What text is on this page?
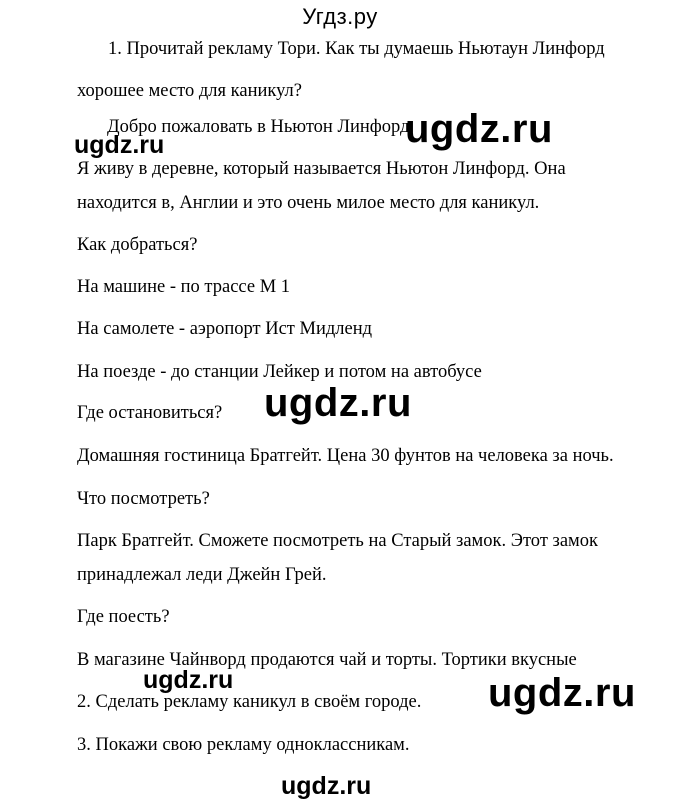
Угдз.ру
1. Прочитай рекламу Тори. Как ты думаешь Ньютаун Линфорд
хорошее место для каникул?
Добро пожаловать в Ньютон Линфорд
Я живу в деревне, который называется Ньютон Линфорд. Она
находится в, Англии и это очень милое место для каникул.
Как добраться?
На машине - по трассе М 1
На самолете - аэропорт Ист Мидленд
На поезде - до станции Лейкер и потом на автобусе
Где остановиться?
Домашняя гостиница Братгейт. Цена 30 фунтов на человека за ночь.
Что посмотреть?
Парк Братгейт. Сможете посмотреть на Старый замок. Этот замок
принадлежал леди Джейн Грей.
Где поесть?
В магазине Чайнворд продаются чай и торты. Тортики вкусные
2. Сделать рекламу каникул в своём городе.
3. Покажи свою рекламу одноклассникам.
ugdz.ru
ugdz.ru
ugdz.ru
ugdz.ru	ugdz.ru
ugdz.ru
